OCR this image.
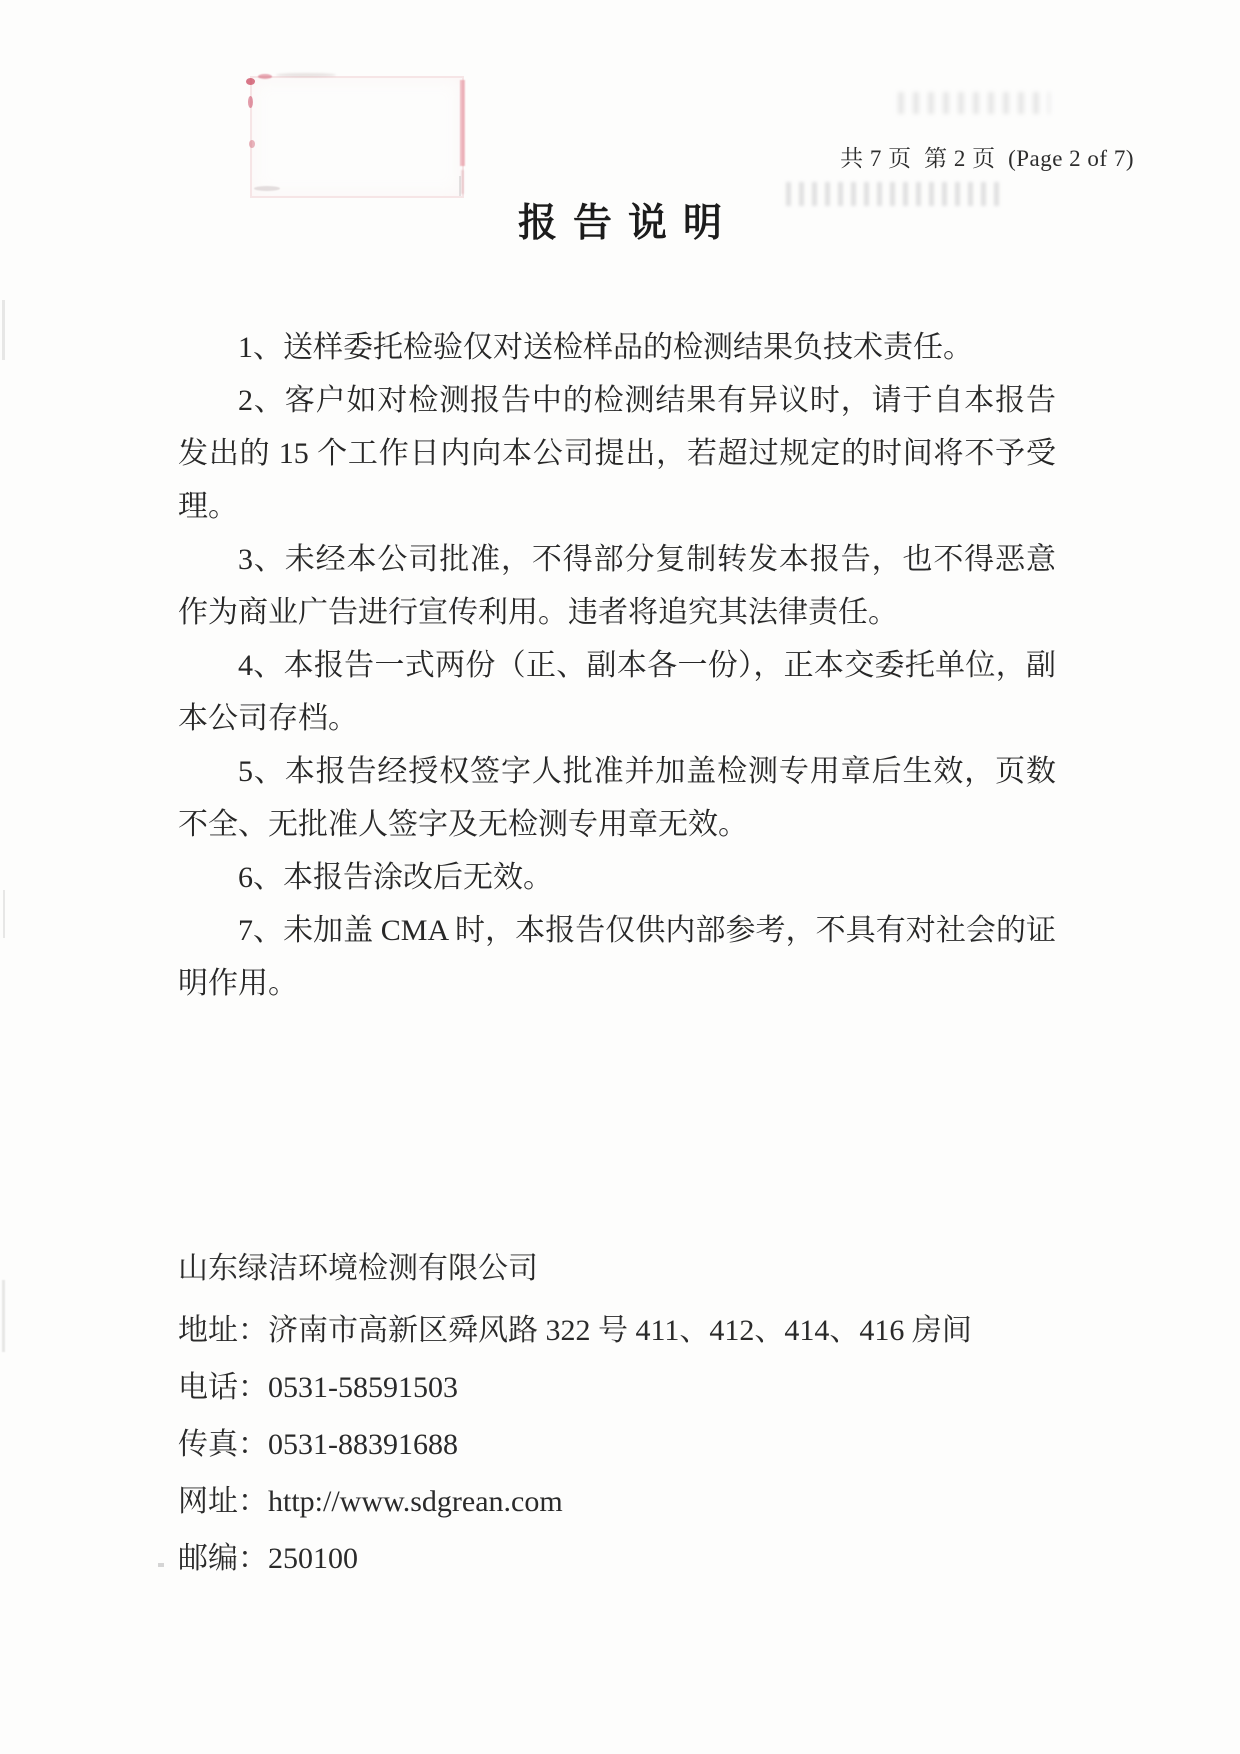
共 7 页  第 2 页  (Page 2 of 7)
报告说明

1、送样委托检验仅对送检样品的检测结果负技术责任。

2、客户如对检测报告中的检测结果有异议时，请于自本报告发出的 15 个工作日内向本公司提出，若超过规定的时间将不予受理。

3、未经本公司批准，不得部分复制转发本报告，也不得恶意作为商业广告进行宣传利用。违者将追究其法律责任。

4、本报告一式两份（正、副本各一份），正本交委托单位，副本公司存档。

5、本报告经授权签字人批准并加盖检测专用章后生效，页数不全、无批准人签字及无检测专用章无效。

6、本报告涂改后无效。

7、未加盖 CMA 时，本报告仅供内部参考，不具有对社会的证明作用。

山东绿洁环境检测有限公司

地址：济南市高新区舜风路 322 号 411、412、414、416 房间

电话：0531-58591503

传真：0531-88391688

网址：http://www.sdgrean.com

邮编：250100
